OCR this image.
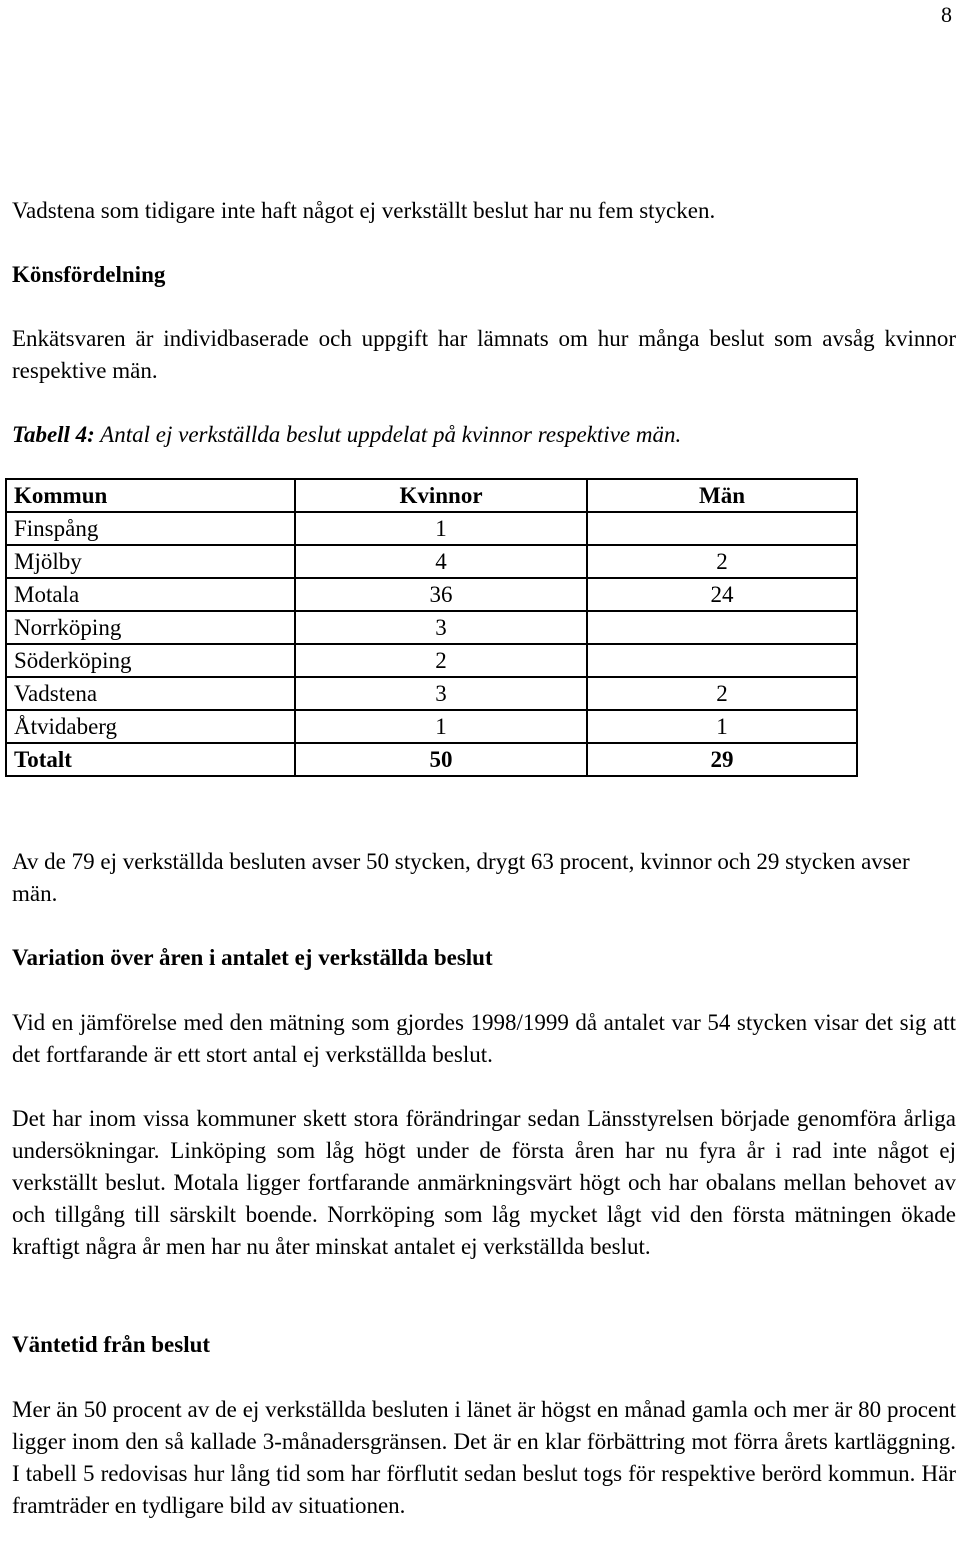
8
Vadstena som tidigare inte haft något ej verkställt beslut har nu fem stycken.
Könsfördelning
Enkätsvaren är individbaserade och uppgift har lämnats om hur många beslut som avsåg kvinnor respektive män.
Tabell 4: Antal ej verkställda beslut uppdelat på kvinnor respektive män.
Kommun	Kvinnor	Män
Finspång	1	
Mjölby	4	2
Motala	36	24
Norrköping	3	
Söderköping	2	
Vadstena	3	2
Åtvidaberg	1	1
Totalt	50	29
Av de 79 ej verkställda besluten avser 50 stycken, drygt 63 procent, kvinnor och 29 stycken avser män.
Variation över åren i antalet ej verkställda beslut
Vid en jämförelse med den mätning som gjordes 1998/1999 då antalet var 54 stycken visar det sig att det fortfarande är ett stort antal ej verkställda beslut.
Det har inom vissa kommuner skett stora förändringar sedan Länsstyrelsen började genomföra årliga undersökningar. Linköping som låg högt under de första åren har nu fyra år i rad inte något ej verkställt beslut. Motala ligger fortfarande anmärkningsvärt högt och har obalans mellan behovet av och tillgång till särskilt boende. Norrköping som låg mycket lågt vid den första mätningen ökade kraftigt några år men har nu åter minskat antalet ej verkställda beslut.
Väntetid från beslut
Mer än 50 procent av de ej verkställda besluten i länet är högst en månad gamla och mer är 80 procent ligger inom den så kallade 3-månadersgränsen. Det är en klar förbättring mot förra årets kartläggning. I tabell 5 redovisas hur lång tid som har förflutit sedan beslut togs för respektive berörd kommun. Här framträder en tydligare bild av situationen.
